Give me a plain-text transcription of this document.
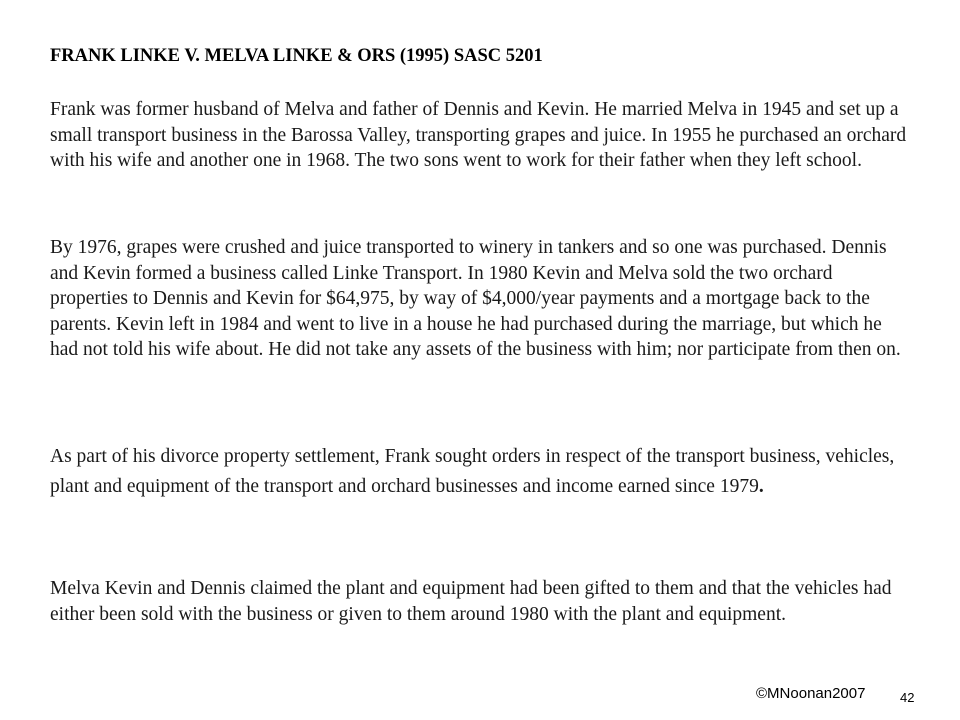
FRANK LINKE V. MELVA LINKE & ORS (1995) SASC 5201

Frank was former husband of Melva and father of Dennis and Kevin. He married Melva in 1945 and set up a small transport business in the Barossa Valley, transporting grapes and juice. In 1955 he purchased an orchard with his wife and another one in 1968. The two sons went to work for their father when they left school.

By 1976, grapes were crushed and juice transported to winery in tankers and so one was purchased. Dennis and Kevin formed a business called Linke Transport. In 1980 Kevin and Melva sold the two orchard properties to Dennis and Kevin for $64,975, by way of $4,000/year payments and a mortgage back to the parents. Kevin left in 1984 and went to live in a house he had purchased during the marriage, but which he had not told his wife about. He did not take any assets of the business with him; nor participate from then on.

As part of his divorce property settlement, Frank sought orders in respect of the transport business, vehicles, plant and equipment of the transport and orchard businesses and income earned since 1979.

Melva Kevin and Dennis claimed the plant and equipment had been gifted to them and that the vehicles had either been sold with the business or given to them around 1980 with the plant and equipment.

©MNoonan2007	42
